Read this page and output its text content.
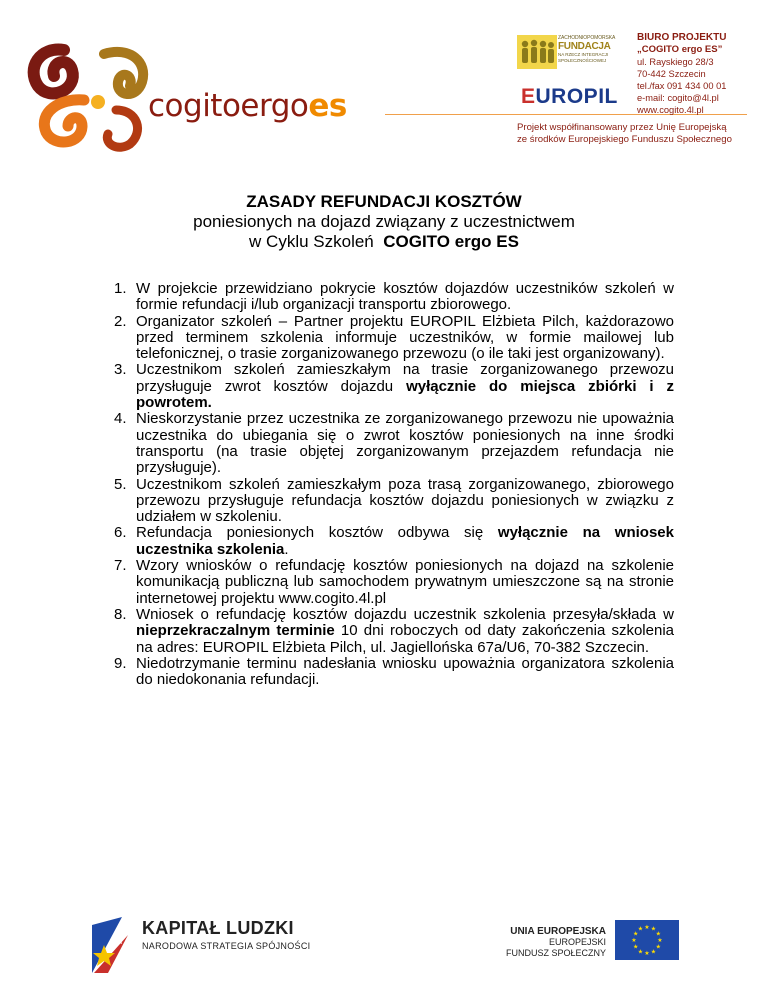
cogitoergoes
ZACHODNIOPOMORSKA
FUNDACJA
NA RZECZ INTEGRACJI
SPOŁECZNOŚCIOWEJ
EUROPIL
BIURO PROJEKTU
„COGITO ergo ES”
ul. Rayskiego 28/3
70-442 Szczecin
tel./fax 091 434 00 01
e-mail: cogito@4l.pl
www.cogito.4l.pl
Projekt współfinansowany przez Unię Europejską
ze środków Europejskiego Funduszu Społecznego
ZASADY REFUNDACJI KOSZTÓW
poniesionych na dojazd związany z uczestnictwem
w Cyklu Szkoleń COGITO ergo ES
1. W projekcie przewidziano pokrycie kosztów dojazdów uczestników szkoleń w formie refundacji i/lub organizacji transportu zbiorowego.
2. Organizator szkoleń – Partner projektu EUROPIL Elżbieta Pilch, każdorazowo przed terminem szkolenia informuje uczestników, w formie mailowej lub telefonicznej, o trasie zorganizowanego przewozu (o ile taki jest organizowany).
3. Uczestnikom szkoleń zamieszkałym na trasie zorganizowanego przewozu przysługuje zwrot kosztów dojazdu wyłącznie do miejsca zbiórki i z powrotem.
4. Nieskorzystanie przez uczestnika ze zorganizowanego przewozu nie upoważnia uczestnika do ubiegania się o zwrot kosztów poniesionych na inne środki transportu (na trasie objętej zorganizowanym przejazdem refundacja nie przysługuje).
5. Uczestnikom szkoleń zamieszkałym poza trasą zorganizowanego, zbiorowego przewozu przysługuje refundacja kosztów dojazdu poniesionych w związku z udziałem w szkoleniu.
6. Refundacja poniesionych kosztów odbywa się wyłącznie na wniosek uczestnika szkolenia.
7. Wzory wniosków o refundację kosztów poniesionych na dojazd na szkolenie komunikacją publiczną lub samochodem prywatnym umieszczone są na stronie internetowej projektu www.cogito.4l.pl
8. Wniosek o refundację kosztów dojazdu uczestnik szkolenia przesyła/składa w nieprzekraczalnym terminie 10 dni roboczych od daty zakończenia szkolenia na adres: EUROPIL Elżbieta Pilch, ul. Jagiellońska 67a/U6, 70-382 Szczecin.
9. Niedotrzymanie terminu nadesłania wniosku upoważnia organizatora szkolenia do niedokonania refundacji.
KAPITAŁ LUDZKI
NARODOWA STRATEGIA SPÓJNOŚCI
UNIA EUROPEJSKA
EUROPEJSKI
FUNDUSZ SPOŁECZNY
★ ★
★
★
★
★
★
★
★
★
★
★
